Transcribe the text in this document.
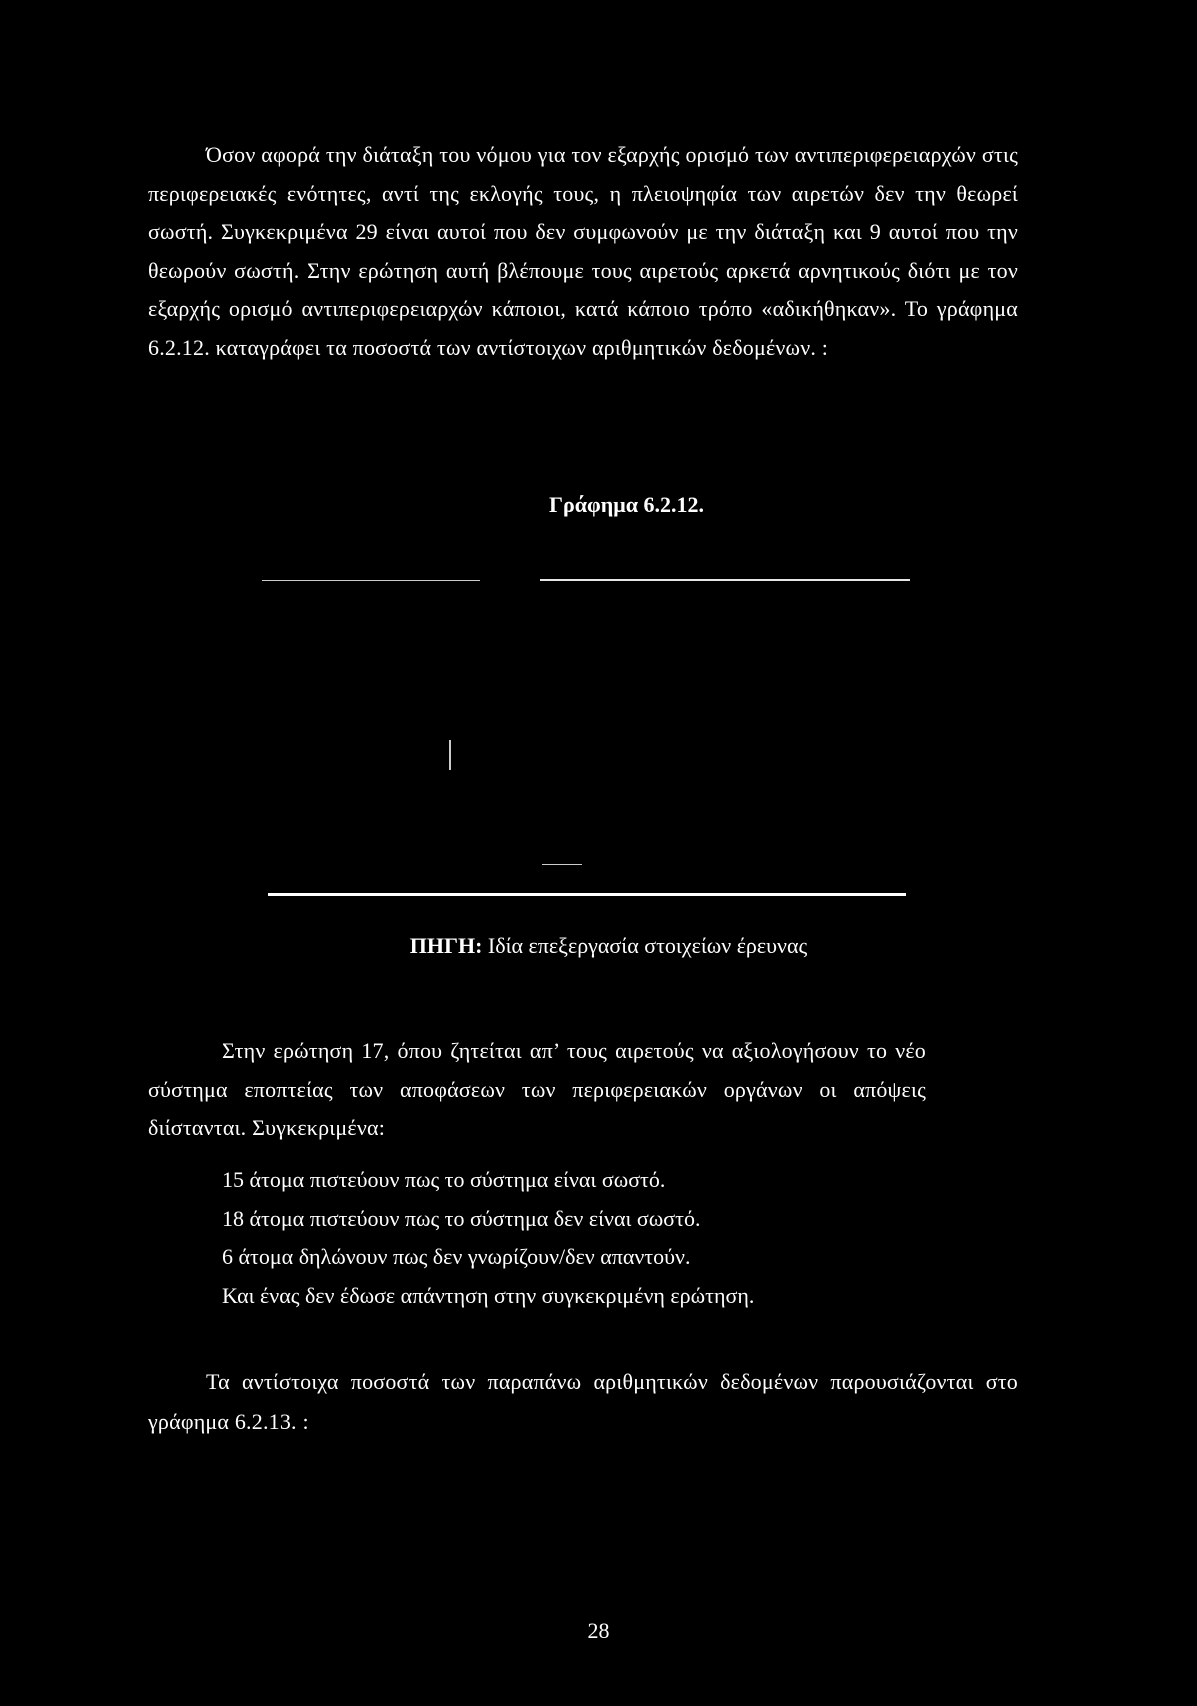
Όσον αφορά την διάταξη του νόμου για τον εξαρχής ορισμό των αντιπεριφερειαρχών στις περιφερειακές ενότητες, αντί της εκλογής τους, η πλειοψηφία των αιρετών δεν την θεωρεί σωστή. Συγκεκριμένα 29 είναι αυτοί που δεν συμφωνούν με την διάταξη και 9 αυτοί που την θεωρούν σωστή. Στην ερώτηση αυτή βλέπουμε τους αιρετούς αρκετά αρνητικούς διότι με τον εξαρχής ορισμό αντιπεριφερειαρχών κάποιοι, κατά κάποιο τρόπο «αδικήθηκαν». Το γράφημα 6.2.12. καταγράφει τα ποσοστά των αντίστοιχων αριθμητικών δεδομένων. :

Γράφημα 6.2.12.

ΠΗΓΗ: Ιδία επεξεργασία στοιχείων έρευνας

Στην ερώτηση 17, όπου ζητείται απ’ τους αιρετούς να αξιολογήσουν το νέο σύστημα εποπτείας των αποφάσεων των περιφερειακών οργάνων οι απόψεις διίστανται. Συγκεκριμένα:

15 άτομα πιστεύουν πως το σύστημα είναι σωστό.
18 άτομα πιστεύουν πως το σύστημα δεν είναι σωστό.
6 άτομα δηλώνουν πως δεν γνωρίζουν/δεν απαντούν.
Και ένας δεν έδωσε απάντηση στην συγκεκριμένη ερώτηση.

Τα αντίστοιχα ποσοστά των παραπάνω αριθμητικών δεδομένων παρουσιάζονται στο γράφημα 6.2.13. :

28
